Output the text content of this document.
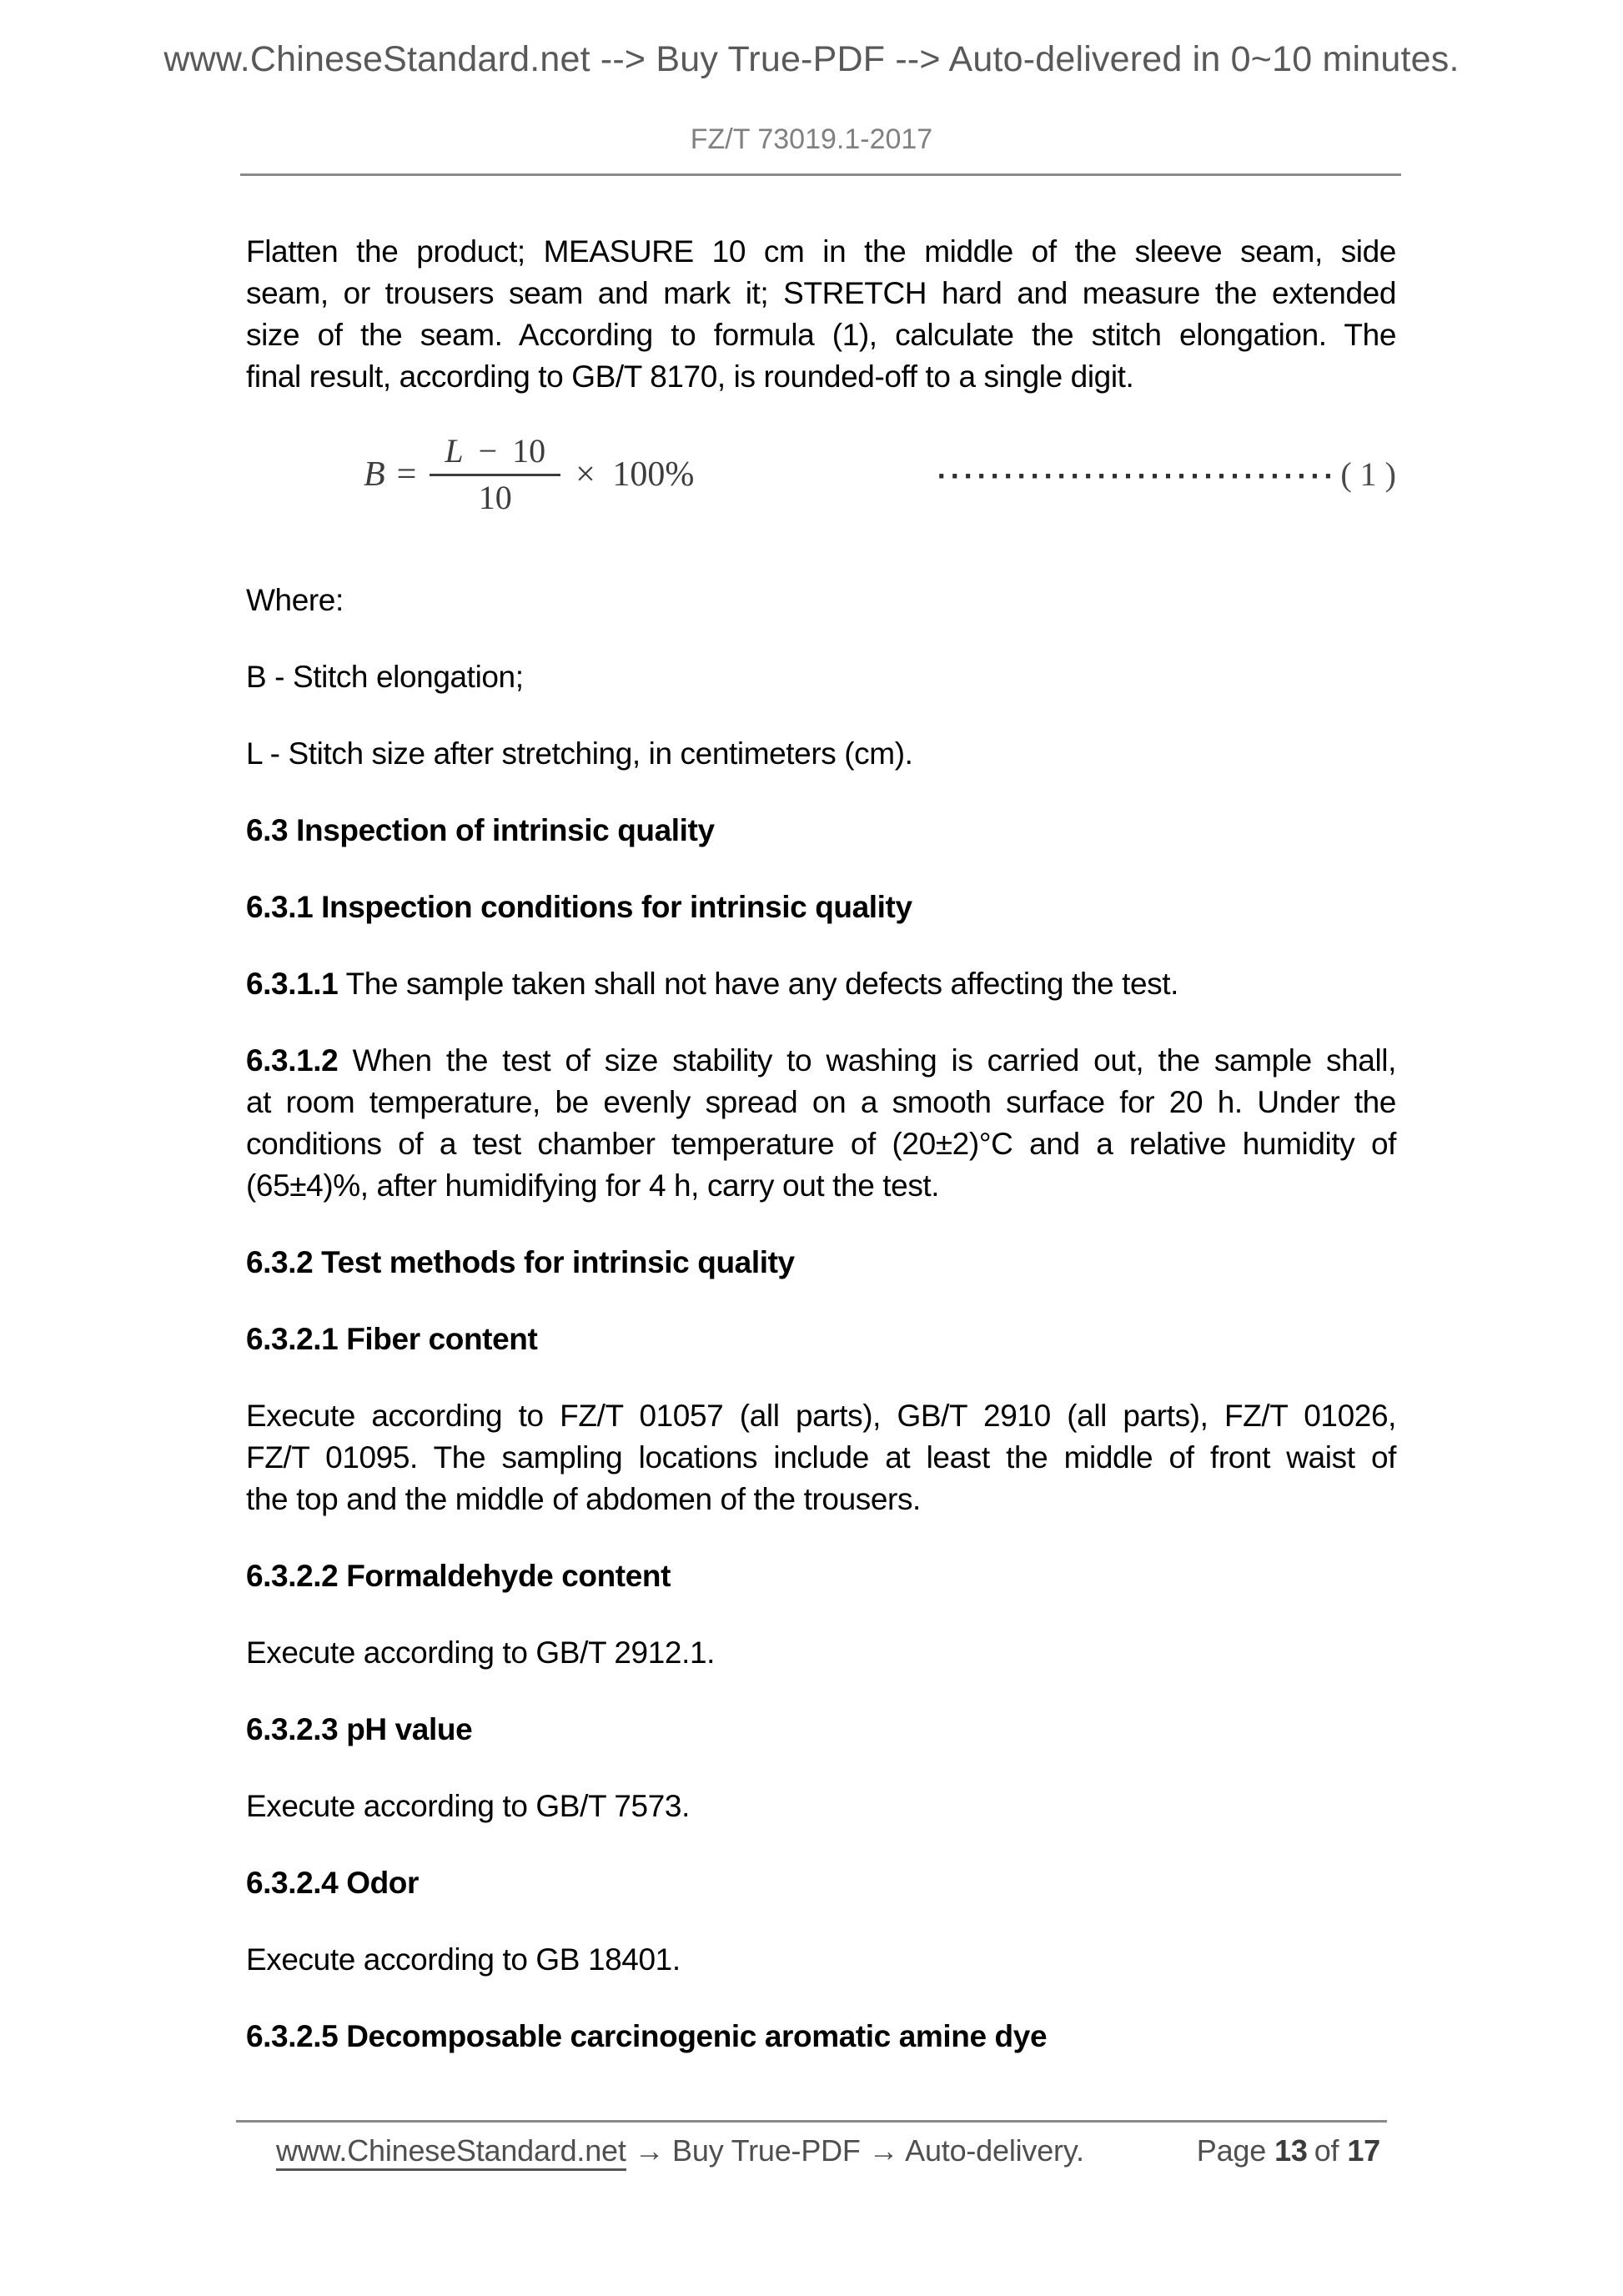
www.ChineseStandard.net --> Buy True-PDF --> Auto-delivered in 0~10 minutes.
FZ/T 73019.1-2017
Flatten the product; MEASURE 10 cm in the middle of the sleeve seam, side
seam, or trousers seam and mark it; STRETCH hard and measure the extended
size of the seam. According to formula (1), calculate the stitch elongation. The
final result, according to GB/T 8170, is rounded-off to a single digit.
$B = \frac{L - 10}{10} \times 100\%$	······························ ( 1 )

Where:

B - Stitch elongation;

L - Stitch size after stretching, in centimeters (cm).

6.3 Inspection of intrinsic quality

6.3.1 Inspection conditions for intrinsic quality

6.3.1.1 The sample taken shall not have any defects affecting the test.

6.3.1.2 When the test of size stability to washing is carried out, the sample shall,
at room temperature, be evenly spread on a smooth surface for 20 h. Under the
conditions of a test chamber temperature of (20±2)°C and a relative humidity of
(65±4)%, after humidifying for 4 h, carry out the test.

6.3.2 Test methods for intrinsic quality

6.3.2.1 Fiber content

Execute according to FZ/T 01057 (all parts), GB/T 2910 (all parts), FZ/T 01026,
FZ/T 01095. The sampling locations include at least the middle of front waist of
the top and the middle of abdomen of the trousers.

6.3.2.2 Formaldehyde content

Execute according to GB/T 2912.1.

6.3.2.3 pH value

Execute according to GB/T 7573.

6.3.2.4 Odor

Execute according to GB 18401.

6.3.2.5 Decomposable carcinogenic aromatic amine dye

www.ChineseStandard.net → Buy True-PDF → Auto-delivery.	Page 13 of 17
